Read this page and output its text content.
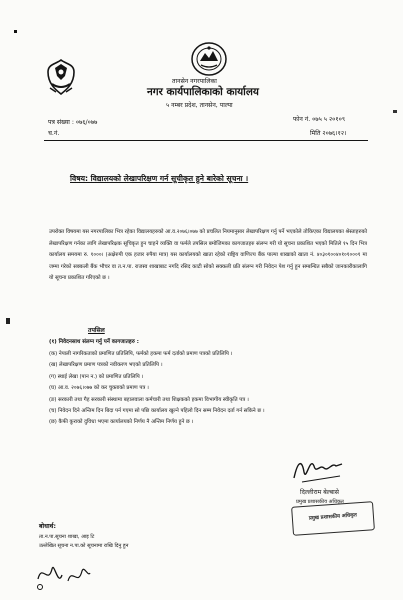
तानसेन नगरपालिका
नगर कार्यपालिकाको कार्यालय
५ नम्बर प्रदेश, तानसेन, पाल्पा
पत्र संख्या : ०७६/०७७	फोन नं. ०७५ ५ २०१०९
च.नं.	मिति २०७६।१२।
विषय: विद्यालयको लेखापरिक्षण गर्न सूचीकृत हुने बारेको सूचना ।
उपरोक्त विषयमा यस नगरपालिका भित्र रहेका विद्यालयहरुको आ.व.२०७६।०७७ को प्रचलित नियमानुसार लेखापरिक्षण गर्नु पर्ने भएकोले तोकिएका विद्यालयका श्रेस्ताहरुको लेखापरिक्षण गर्नका लागि लेखापरिक्षक सूचिकृत हुन चाहने व्यक्ति वा फर्मले तपसिल बमोजिमका कागजातहरु संलग्न गरी यो सूचना प्रकाशित भएको मितिले १५ दिन भित्र कार्यालय समयमा रु. १०००। (अक्षेरुपी एक हजार रुपैया मात्र) यस कार्यालयको खाता रहेको राष्ट्रिय वाणिज्य बैंक पाल्पा शाखाको खाता नं. ४०३०१००४०१०१०००१ मा जम्मा गरेको सक्कली बैंक भौचर वा त.न.पा. राजस्व शाखाबाट नगदि रसिद काटी सोको सक्कली प्रति संलग्न गरी निवेदन पेश गर्नु हुन सम्बन्धित सबैको जानकारीकालागि यो सूचना प्रकाशित गरिएको छ ।
तपसिल
(१) निवेदनसाथ संलग्न गर्नु पर्ने कागजातहरु :
(क) नेपाली नागरिकताको प्रमाणित प्रतिलिपि, फर्मको हकमा फर्म दर्ताको प्रमाण पत्रको प्रतिलिपि ।
(ख) लेखापरिक्षण प्रमाण पत्रको नवीकरण भएको प्रतिलिपि ।
(ग) स्थाई लेखा (पान न.) को प्रमाणित प्रतिलिपि ।
(घ) आ.व. २०७६।०७७ को कर चुक्ताको प्रमाण पत्र ।
(ङ) सरकारी तथा गैह सरकारी संस्थामा बहालवाला कर्मचारी तथा शिक्षकको हकमा विभागीय स्वीकृति पत्र ।
(च) निवेदन दिने अन्तिम दिन बिदा पर्न गएमा सो पछि कार्यालय खुल्ने पहिलो दिन सम्म निवेदन दर्ता गर्न सकिने छ ।
(छ) कैफी कुराको दुविधा भएमा कार्यालयको निर्णय नै अन्तिम निर्णय हुने छ ।
दिल्लीराम बेल्बासे
प्रमुख प्रशासकीय अधिकृत
प्रमुख प्रशासकीय अधिकृत
बोधार्थ:
ता.न.पा.सूचना शाखा, आइ टि
उल्लेखित सूचना न.पा.को सूचनामा राखि दिनु हुन
